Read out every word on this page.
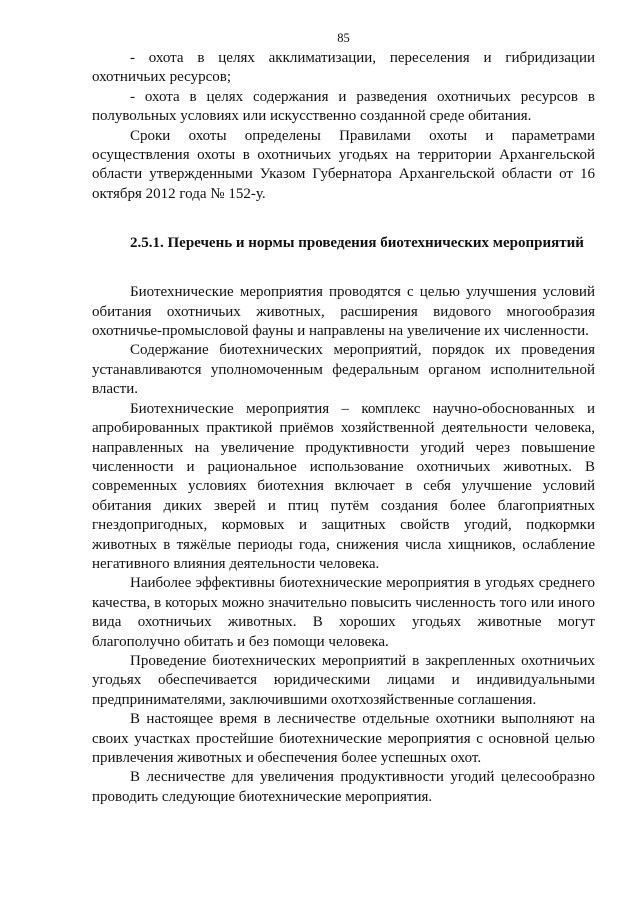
85

- охота в целях акклиматизации, переселения и гибридизации охотничьих ресурсов;

- охота в целях содержания и разведения охотничьих ресурсов в полувольных условиях или искусственно созданной среде обитания.

Сроки охоты определены Правилами охоты и параметрами осуществления охоты в охотничьих угодьях на территории Архангельской области утвержденными Указом Губернатора Архангельской области от 16 октября 2012 года № 152-у.

2.5.1. Перечень и нормы проведения биотехнических мероприятий

Биотехнические мероприятия проводятся с целью улучшения условий обитания охотничьих животных, расширения видового многообразия охотничье-промысловой фауны и направлены на увеличение их численности.

Содержание биотехнических мероприятий, порядок их проведения устанавливаются уполномоченным федеральным органом исполнительной власти.

Биотехнические мероприятия – комплекс научно-обоснованных и апробированных практикой приёмов хозяйственной деятельности человека, направленных на увеличение продуктивности угодий через повышение численности и рациональное использование охотничьих животных. В современных условиях биотехния включает в себя улучшение условий обитания диких зверей и птиц путём создания более благоприятных гнездопригодных, кормовых и защитных свойств угодий, подкормки животных в тяжёлые периоды года, снижения числа хищников, ослабление негативного влияния деятельности человека.

Наиболее эффективны биотехнические мероприятия в угодьях среднего качества, в которых можно значительно повысить численность того или иного вида охотничьих животных. В хороших угодьях животные могут благополучно обитать и без помощи человека.

Проведение биотехнических мероприятий в закрепленных охотничьих угодьях обеспечивается юридическими лицами и индивидуальными предпринимателями, заключившими охотхозяйственные соглашения.

В настоящее время в лесничестве отдельные охотники выполняют на своих участках простейшие биотехнические мероприятия с основной целью привлечения животных и обеспечения более успешных охот.

В лесничестве для увеличения продуктивности угодий целесообразно проводить следующие биотехнические мероприятия.
